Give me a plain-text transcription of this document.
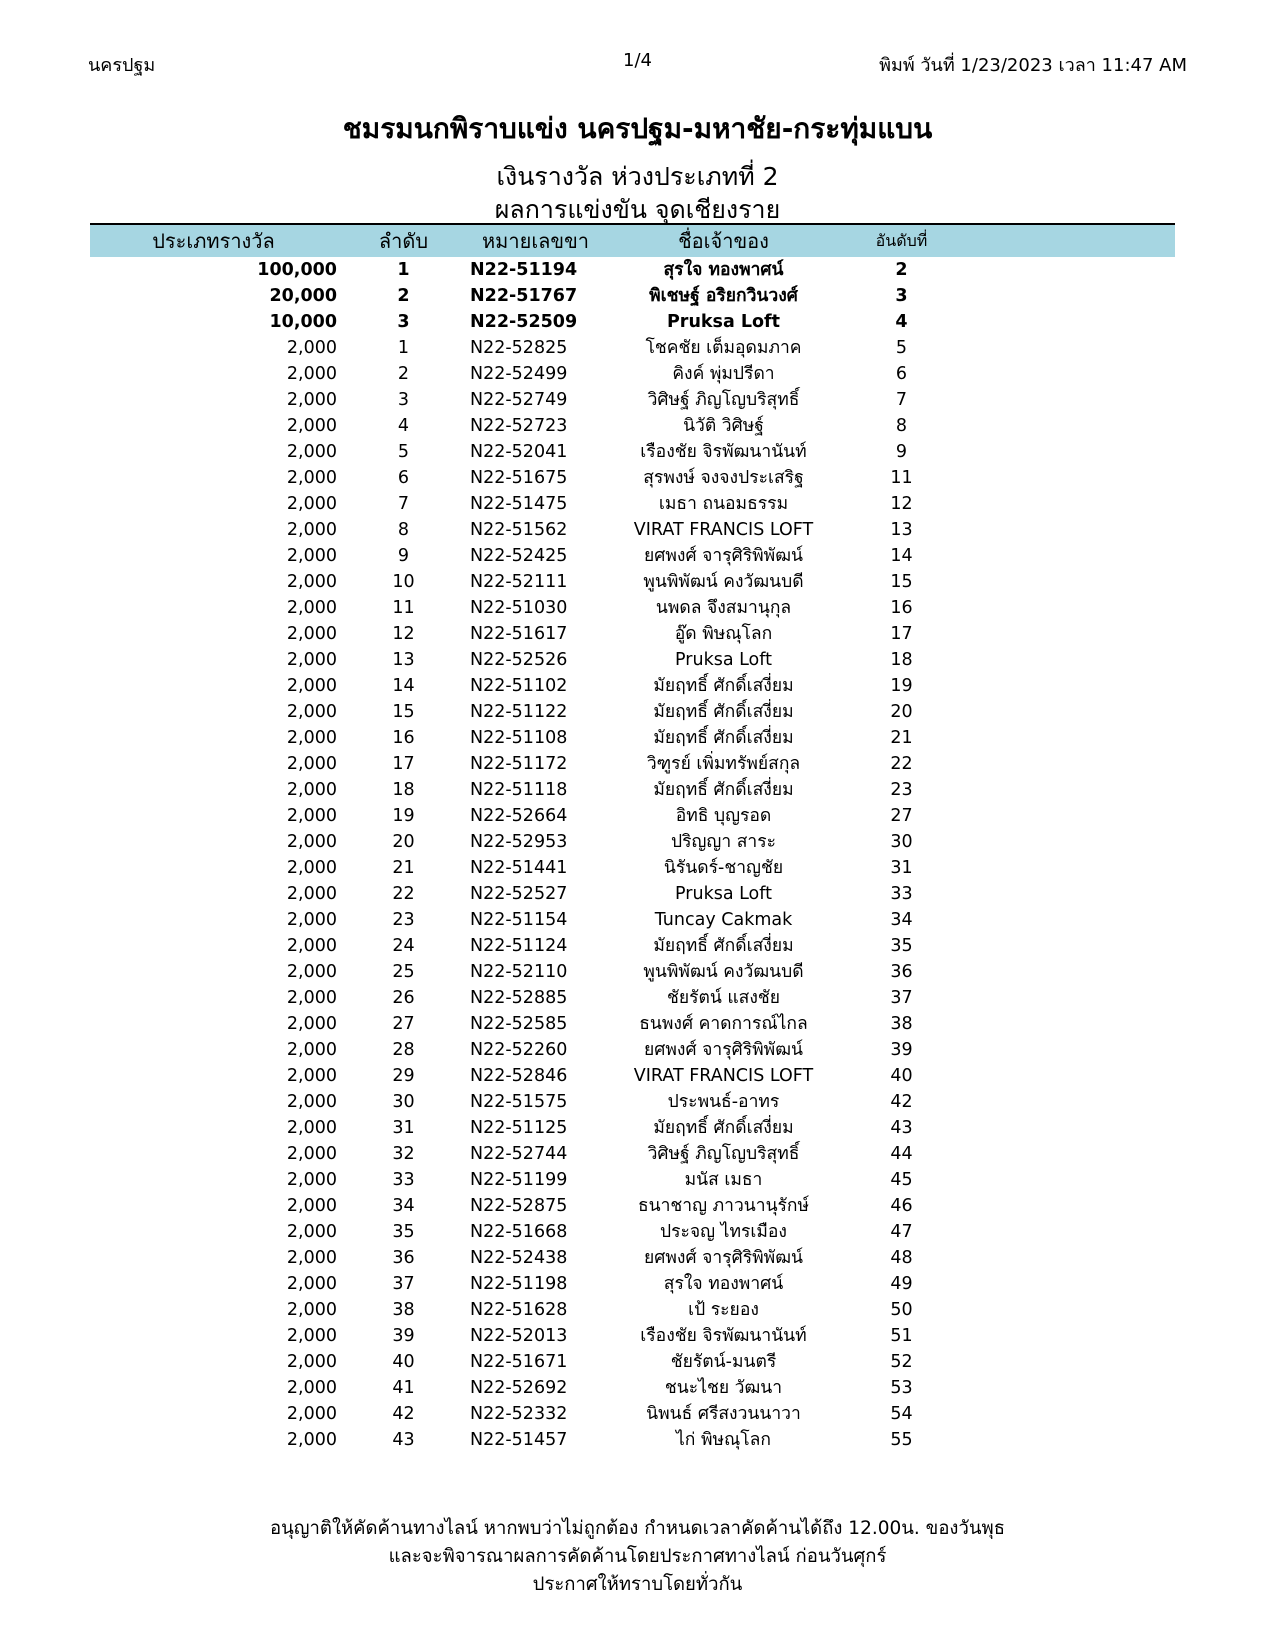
นครปฐม	1/4	พิมพ์ วันที่ 1/23/2023 เวลา 11:47 AM
ชมรมนกพิราบแข่ง นครปฐม-มหาชัย-กระทุ่มแบน
เงินรางวัล ห่วงประเภทที่ 2
ผลการแข่งขัน จุดเชียงราย
ประเภทรางวัล	ลำดับ	หมายเลขขา	ชื่อเจ้าของ	อันดับที่	
100,000	1	N22-51194	สุรใจ ทองพาศน์	2	
20,000	2	N22-51767	พิเชษฐ์ อริยกวินวงศ์	3	
10,000	3	N22-52509	Pruksa Loft	4	
2,000	1	N22-52825	โชคชัย เต็มอุดมภาค	5	
2,000	2	N22-52499	คิงค์ พุ่มปรีดา	6	
2,000	3	N22-52749	วิศิษฐ์ ภิญโญบริสุทธิ์	7	
2,000	4	N22-52723	นิวัติ วิศิษฐ์	8	
2,000	5	N22-52041	เรืองชัย จิรพัฒนานันท์	9	
2,000	6	N22-51675	สุรพงษ์ จงจงประเสริฐ	11	
2,000	7	N22-51475	เมธา ถนอมธรรม	12	
2,000	8	N22-51562	VIRAT FRANCIS LOFT	13	
2,000	9	N22-52425	ยศพงศ์ จารุศิริพิพัฒน์	14	
2,000	10	N22-52111	พูนพิพัฒน์ คงวัฒนบดี	15	
2,000	11	N22-51030	นพดล จึงสมานุกุล	16	
2,000	12	N22-51617	อู๊ด พิษณุโลก	17	
2,000	13	N22-52526	Pruksa Loft	18	
2,000	14	N22-51102	มัยฤทธิ์ ศักดิ์เสงี่ยม	19	
2,000	15	N22-51122	มัยฤทธิ์ ศักดิ์เสงี่ยม	20	
2,000	16	N22-51108	มัยฤทธิ์ ศักดิ์เสงี่ยม	21	
2,000	17	N22-51172	วิฑูรย์ เพิ่มทรัพย์สกุล	22	
2,000	18	N22-51118	มัยฤทธิ์ ศักดิ์เสงี่ยม	23	
2,000	19	N22-52664	อิทธิ บุญรอด	27	
2,000	20	N22-52953	ปริญญา สาระ	30	
2,000	21	N22-51441	นิรันดร์-ชาญชัย	31	
2,000	22	N22-52527	Pruksa Loft	33	
2,000	23	N22-51154	Tuncay Cakmak	34	
2,000	24	N22-51124	มัยฤทธิ์ ศักดิ์เสงี่ยม	35	
2,000	25	N22-52110	พูนพิพัฒน์ คงวัฒนบดี	36	
2,000	26	N22-52885	ชัยรัตน์ แสงชัย	37	
2,000	27	N22-52585	ธนพงศ์ คาดการณ์ไกล	38	
2,000	28	N22-52260	ยศพงศ์ จารุศิริพิพัฒน์	39	
2,000	29	N22-52846	VIRAT FRANCIS LOFT	40	
2,000	30	N22-51575	ประพนธ์-อาทร	42	
2,000	31	N22-51125	มัยฤทธิ์ ศักดิ์เสงี่ยม	43	
2,000	32	N22-52744	วิศิษฐ์ ภิญโญบริสุทธิ์	44	
2,000	33	N22-51199	มนัส เมธา	45	
2,000	34	N22-52875	ธนาชาญ ภาวนานุรักษ์	46	
2,000	35	N22-51668	ประจญ ไทรเมือง	47	
2,000	36	N22-52438	ยศพงศ์ จารุศิริพิพัฒน์	48	
2,000	37	N22-51198	สุรใจ ทองพาศน์	49	
2,000	38	N22-51628	เป้ ระยอง	50	
2,000	39	N22-52013	เรืองชัย จิรพัฒนานันท์	51	
2,000	40	N22-51671	ชัยรัตน์-มนตรี	52	
2,000	41	N22-52692	ชนะไชย วัฒนา	53	
2,000	42	N22-52332	นิพนธ์ ศรีสงวนนาวา	54	
2,000	43	N22-51457	ไก่ พิษณุโลก	55	
อนุญาติให้คัดค้านทางไลน์ หากพบว่าไม่ถูกต้อง กำหนดเวลาคัดค้านได้ถึง 12.00น. ของวันพุธ
และจะพิจารณาผลการคัดค้านโดยประกาศทางไลน์ ก่อนวันศุกร์
ประกาศให้ทราบโดยทั่วกัน
